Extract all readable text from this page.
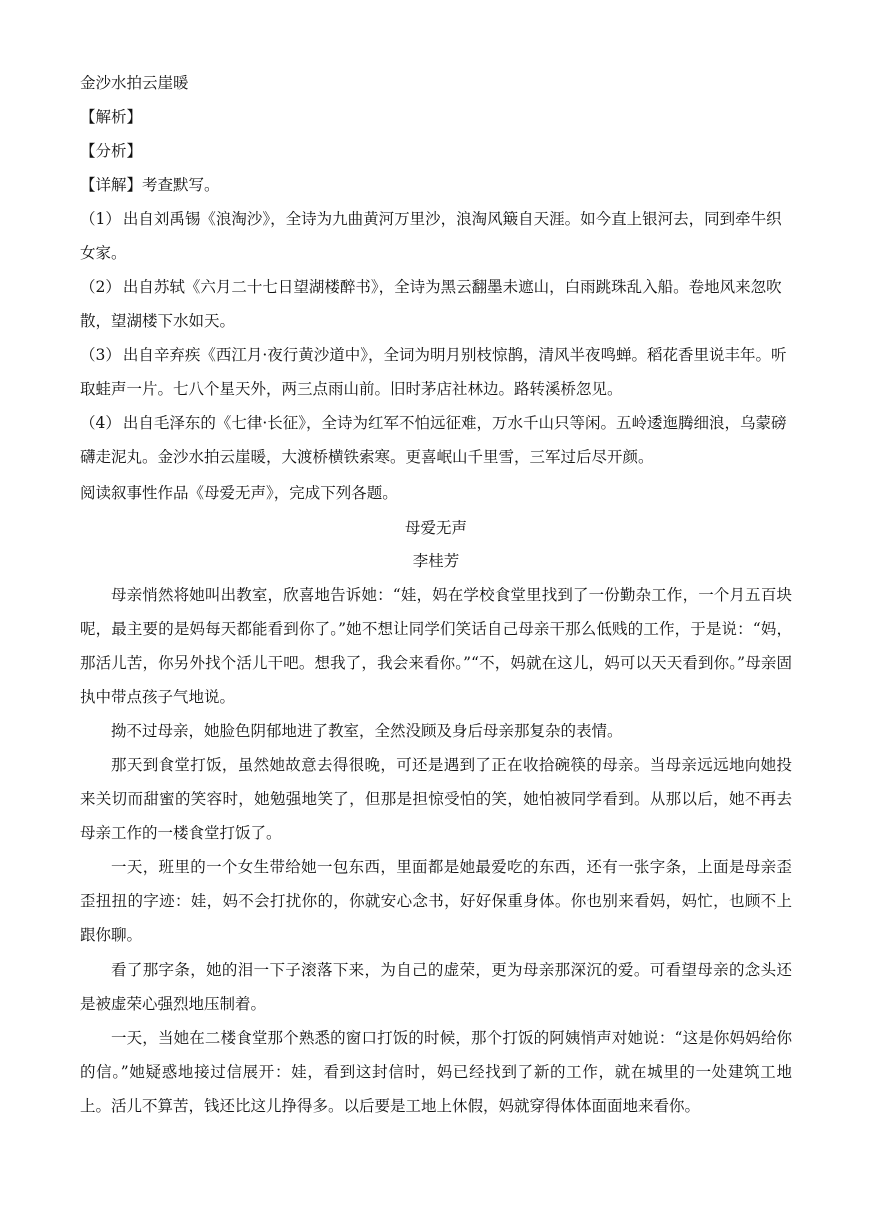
金沙水拍云崖暖
【解析】
【分析】
【详解】考查默写。
（1） 出自刘禹锡《浪淘沙》，全诗为九曲黄河万里沙，浪淘风簸自天涯。如今直上银河去，同到牵牛织女家。
（2） 出自苏轼《六月二十七日望湖楼醉书》，全诗为黑云翻墨未遮山，白雨跳珠乱入船。卷地风来忽吹散，望湖楼下水如天。
（3） 出自辛弃疾《西江月·夜行黄沙道中》，全词为明月别枝惊鹊，清风半夜鸣蝉。稻花香里说丰年。听取蛙声一片。七八个星天外，两三点雨山前。旧时茅店社林边。路转溪桥忽见。
（4） 出自毛泽东的《七律·长征》，全诗为红军不怕远征难，万水千山只等闲。五岭逶迤腾细浪，乌蒙磅礴走泥丸。金沙水拍云崖暖，大渡桥横铁索寒。更喜岷山千里雪，三军过后尽开颜。
阅读叙事性作品《母爱无声》，完成下列各题。
母爱无声
李桂芳
母亲悄然将她叫出教室，欣喜地告诉她：“娃，妈在学校食堂里找到了一份勤杂工作，一个月五百块呢，最主要的是妈每天都能看到你了。”她不想让同学们笑话自己母亲干那么低贱的工作，于是说：“妈，那活儿苦，你另外找个活儿干吧。想我了，我会来看你。”“不，妈就在这儿，妈可以天天看到你。”母亲固执中带点孩子气地说。
拗不过母亲，她脸色阴郁地进了教室，全然没顾及身后母亲那复杂的表情。
那天到食堂打饭，虽然她故意去得很晚，可还是遇到了正在收拾碗筷的母亲。当母亲远远地向她投来关切而甜蜜的笑容时，她勉强地笑了，但那是担惊受怕的笑，她怕被同学看到。从那以后，她不再去母亲工作的一楼食堂打饭了。
一天，班里的一个女生带给她一包东西，里面都是她最爱吃的东西，还有一张字条，上面是母亲歪歪扭扭的字迹：娃，妈不会打扰你的，你就安心念书，好好保重身体。你也别来看妈，妈忙，也顾不上跟你聊。
看了那字条，她的泪一下子滚落下来，为自己的虚荣，更为母亲那深沉的爱。可看望母亲的念头还是被虚荣心强烈地压制着。
一天，当她在二楼食堂那个熟悉的窗口打饭的时候，那个打饭的阿姨悄声对她说：“这是你妈妈给你的信。”她疑惑地接过信展开：娃，看到这封信时，妈已经找到了新的工作，就在城里的一处建筑工地上。活儿不算苦，钱还比这儿挣得多。以后要是工地上休假，妈就穿得体体面面地来看你。
